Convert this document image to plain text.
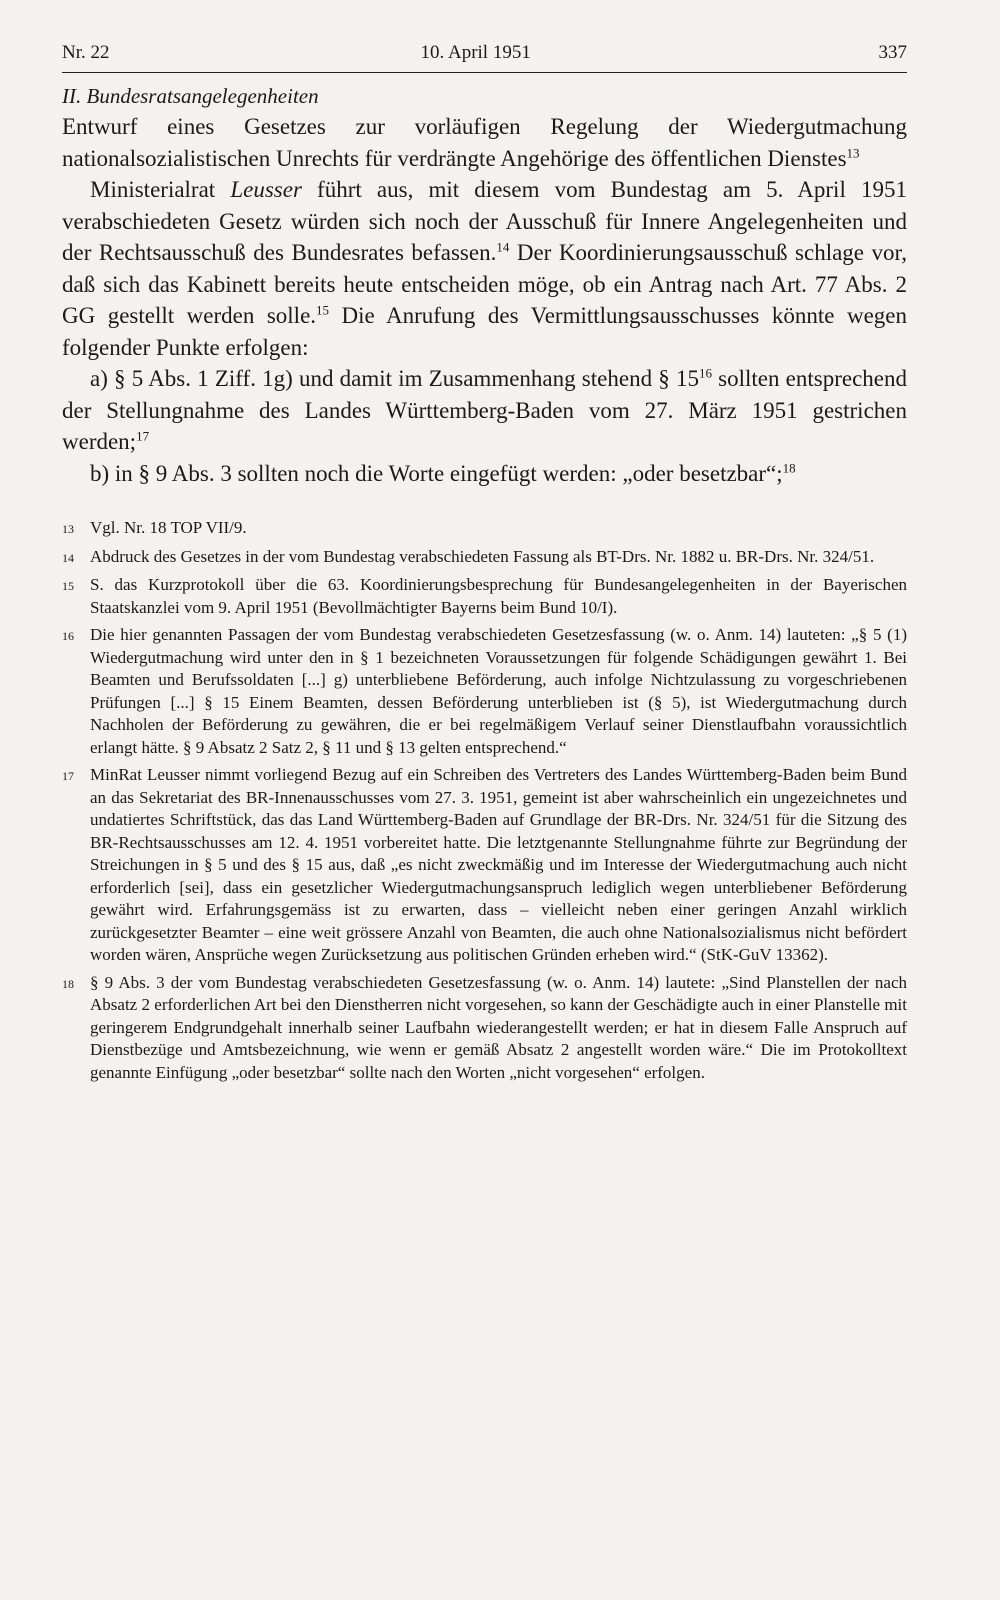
Nr. 22	10. April 1951	337
II. Bundesratsangelegenheiten

Entwurf eines Gesetzes zur vorläufigen Regelung der Wiedergutmachung nationalsozialistischen Unrechts für verdrängte Angehörige des öffentlichen Dienstes$^{13}$

Ministerialrat Leusser führt aus, mit diesem vom Bundestag am 5. April 1951 verabschiedeten Gesetz würden sich noch der Ausschuß für Innere Angelegenheiten und der Rechtsausschuß des Bundesrates befassen.$^{14}$ Der Koordinierungsausschuß schlage vor, daß sich das Kabinett bereits heute entscheiden möge, ob ein Antrag nach Art. 77 Abs. 2 GG gestellt werden solle.$^{15}$ Die Anrufung des Vermittlungsausschusses könnte wegen folgender Punkte erfolgen:

a) § 5 Abs. 1 Ziff. 1g) und damit im Zusammenhang stehend § $15^{16}$ sollten entsprechend der Stellungnahme des Landes Württemberg-Baden vom 27. März 1951 gestrichen werden;$^{17}$

b) in § 9 Abs. 3 sollten noch die Worte eingefügt werden: „oder besetzbar“;$^{18}$

13 Vgl. Nr. 18 TOP VII/9.
14 Abdruck des Gesetzes in der vom Bundestag verabschiedeten Fassung als BT-Drs. Nr. 1882 u. BR-Drs. Nr. 324/51.
15 S. das Kurzprotokoll über die 63. Koordinierungsbesprechung für Bundesangelegenheiten in der Bayerischen Staatskanzlei vom 9. April 1951 (Bevollmächtigter Bayerns beim Bund 10/I).
16 Die hier genannten Passagen der vom Bundestag verabschiedeten Gesetzesfassung (w. o. Anm. 14) lauteten: „§ 5 (1) Wiedergutmachung wird unter den in § 1 bezeichneten Voraussetzungen für folgende Schädigungen gewährt 1. Bei Beamten und Berufssoldaten [...] g) unterbliebene Beförderung, auch infolge Nichtzulassung zu vorgeschriebenen Prüfungen [...] § 15 Einem Beamten, dessen Beförderung unterblieben ist (§ 5), ist Wiedergutmachung durch Nachholen der Beförderung zu gewähren, die er bei regelmäßigem Verlauf seiner Dienstlaufbahn voraussichtlich erlangt hätte. § 9 Absatz 2 Satz 2, § 11 und § 13 gelten entsprechend.“
17 MinRat Leusser nimmt vorliegend Bezug auf ein Schreiben des Vertreters des Landes Württemberg-Baden beim Bund an das Sekretariat des BR-Innenausschusses vom 27. 3. 1951, gemeint ist aber wahrscheinlich ein ungezeichnetes und undatiertes Schriftstück, das das Land Württemberg-Baden auf Grundlage der BR-Drs. Nr. 324/51 für die Sitzung des BR-Rechtsausschusses am 12. 4. 1951 vorbereitet hatte. Die letztgenannte Stellungnahme führte zur Begründung der Streichungen in § 5 und des § 15 aus, daß „es nicht zweckmäßig und im Interesse der Wiedergutmachung auch nicht erforderlich [sei], dass ein gesetzlicher Wiedergutmachungsanspruch lediglich wegen unterbliebener Beförderung gewährt wird. Erfahrungsgemäss ist zu erwarten, dass – vielleicht neben einer geringen Anzahl wirklich zurückgesetzter Beamter – eine weit grössere Anzahl von Beamten, die auch ohne Nationalsozialismus nicht befördert worden wären, Ansprüche wegen Zurücksetzung aus politischen Gründen erheben wird.“ (StK-GuV 13362).
18 § 9 Abs. 3 der vom Bundestag verabschiedeten Gesetzesfassung (w. o. Anm. 14) lautete: „Sind Planstellen der nach Absatz 2 erforderlichen Art bei den Dienstherren nicht vorgesehen, so kann der Geschädigte auch in einer Planstelle mit geringerem Endgrundgehalt innerhalb seiner Laufbahn wiederangestellt werden; er hat in diesem Falle Anspruch auf Dienstbezüge und Amtsbezeichnung, wie wenn er gemäß Absatz 2 angestellt worden wäre.“ Die im Protokolltext genannte Einfügung „oder besetzbar“ sollte nach den Worten „nicht vorgesehen“ erfolgen.
